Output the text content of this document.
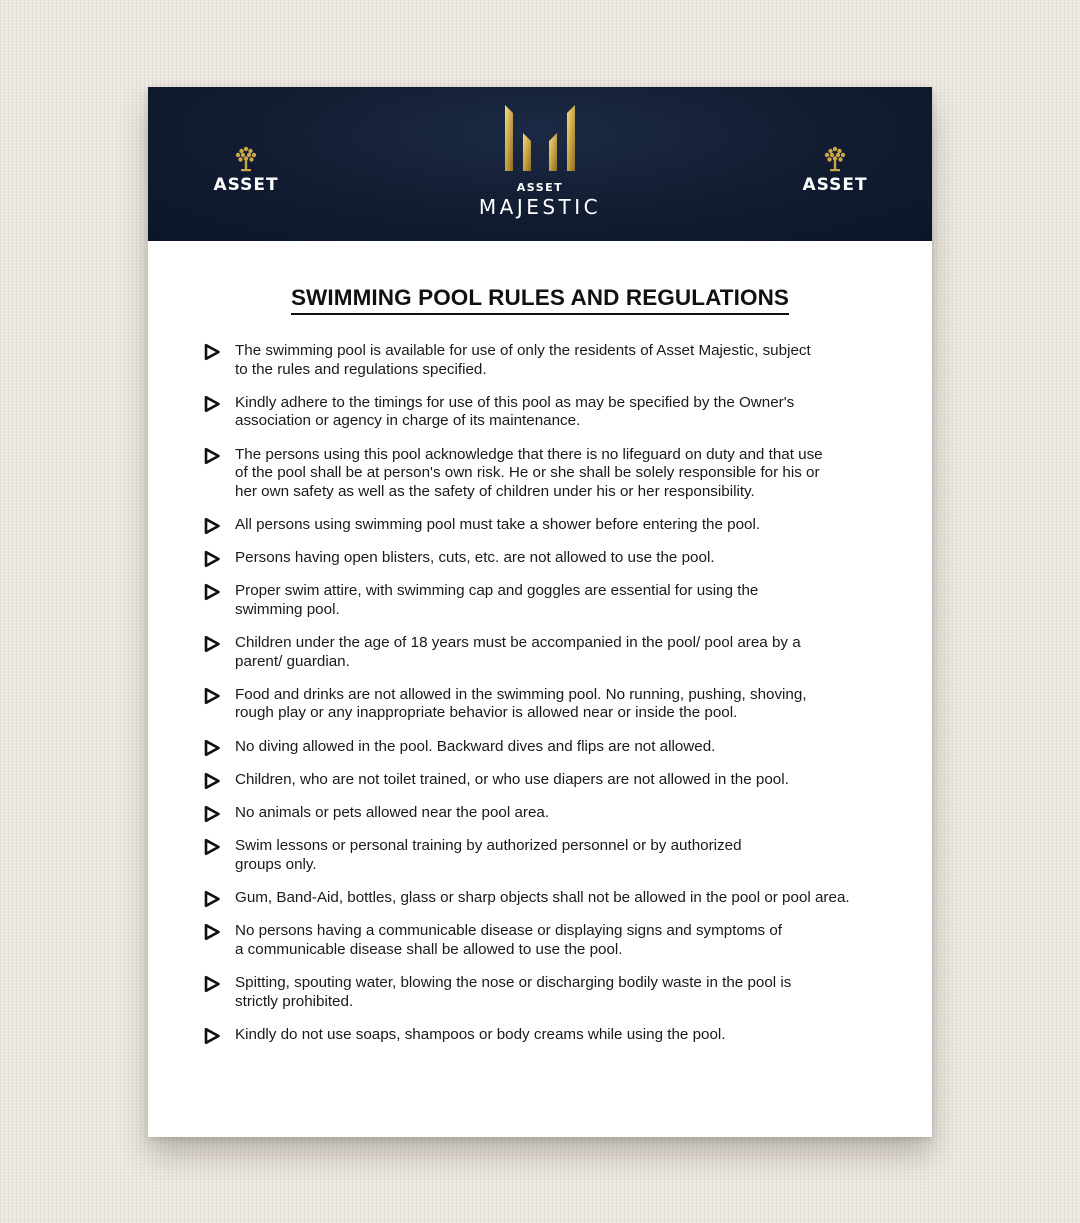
ASSET	ASSET
MAJESTIC
ASSET
SWIMMING POOL RULES AND REGULATIONS
The swimming pool is available for use of only the residents of Asset Majestic, subject
to the rules and regulations specified.
Kindly adhere to the timings for use of this pool as may be specified by the Owner's
association or agency in charge of its maintenance.
The persons using this pool acknowledge that there is no lifeguard on duty and that use
of the pool shall be at person's own risk. He or she shall be solely responsible for his or
her own safety as well as the safety of children under his or her responsibility.
All persons using swimming pool must take a shower before entering the pool.
Persons having open blisters, cuts, etc. are not allowed to use the pool.
Proper swim attire, with swimming cap and goggles are essential for using the
swimming pool.
Children under the age of 18 years must be accompanied in the pool/ pool area by a
parent/ guardian.
Food and drinks are not allowed in the swimming pool. No running, pushing, shoving,
rough play or any inappropriate behavior is allowed near or inside the pool.
No diving allowed in the pool. Backward dives and flips are not allowed.
Children, who are not toilet trained, or who use diapers are not allowed in the pool.
No animals or pets allowed near the pool area.
Swim lessons or personal training by authorized personnel or by authorized
groups only.
Gum, Band-Aid, bottles, glass or sharp objects shall not be allowed in the pool or pool area.
No persons having a communicable disease or displaying signs and symptoms of
a communicable disease shall be allowed to use the pool.
Spitting, spouting water, blowing the nose or discharging bodily waste in the pool is
strictly prohibited.
Kindly do not use soaps, shampoos or body creams while using the pool.
